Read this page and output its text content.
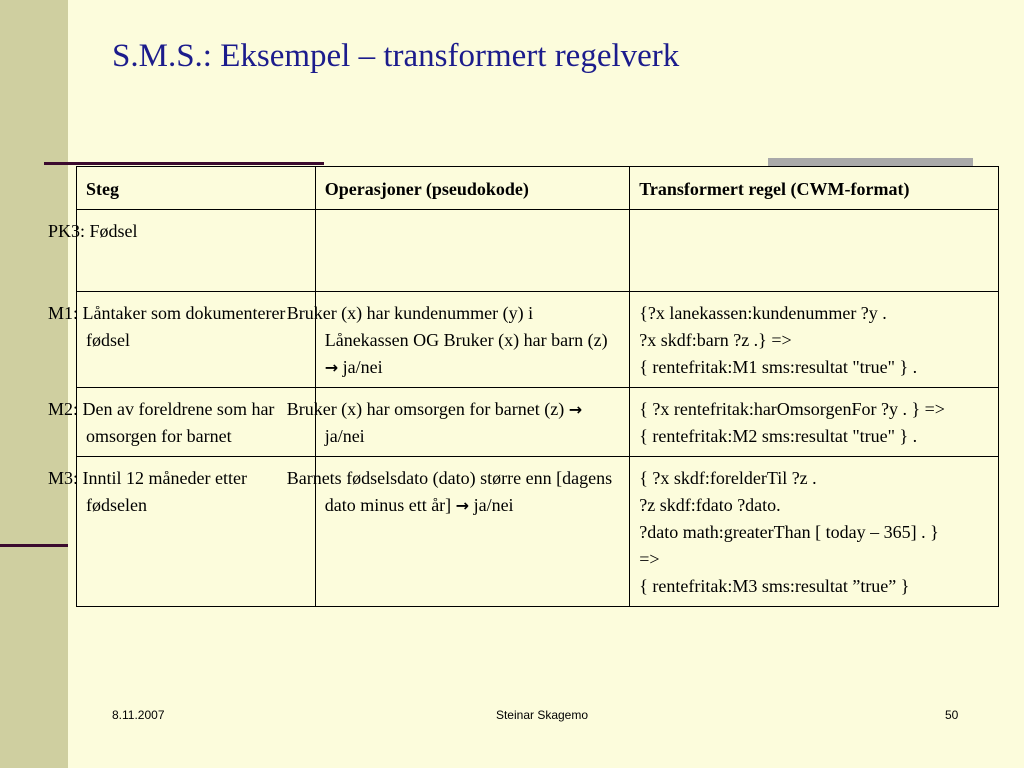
S.M.S.: Eksempel – transformert regelverk
Steg	Operasjoner (pseudokode)	Transformert regel (CWM-format)
PK3: Fødsel		
M1: Låntaker som dokumenterer fødsel	Bruker (x) har kundenummer (y) i Lånekassen OG Bruker (x) har barn (z) → ja/nei	{?x lanekassen:kundenummer ?y .
?x skdf:barn ?z .} =>
{ rentefritak:M1 sms:resultat "true" } .

M2: Den av foreldrene som har omsorgen for barnet	Bruker (x) har omsorgen for barnet (z) → ja/nei	{ ?x rentefritak:harOmsorgenFor ?y . } =>
{ rentefritak:M2 sms:resultat "true" } .

M3: Inntil 12 måneder etter fødselen	Barnets fødselsdato (dato) større enn [dagens dato minus ett år] → ja/nei	{ ?x skdf:forelderTil ?z .
?z skdf:fdato ?dato.
?dato math:greaterThan [ today – 365] . }
=>
{ rentefritak:M3 sms:resultat ”true” }
8.11.2007	Steinar Skagemo	50
